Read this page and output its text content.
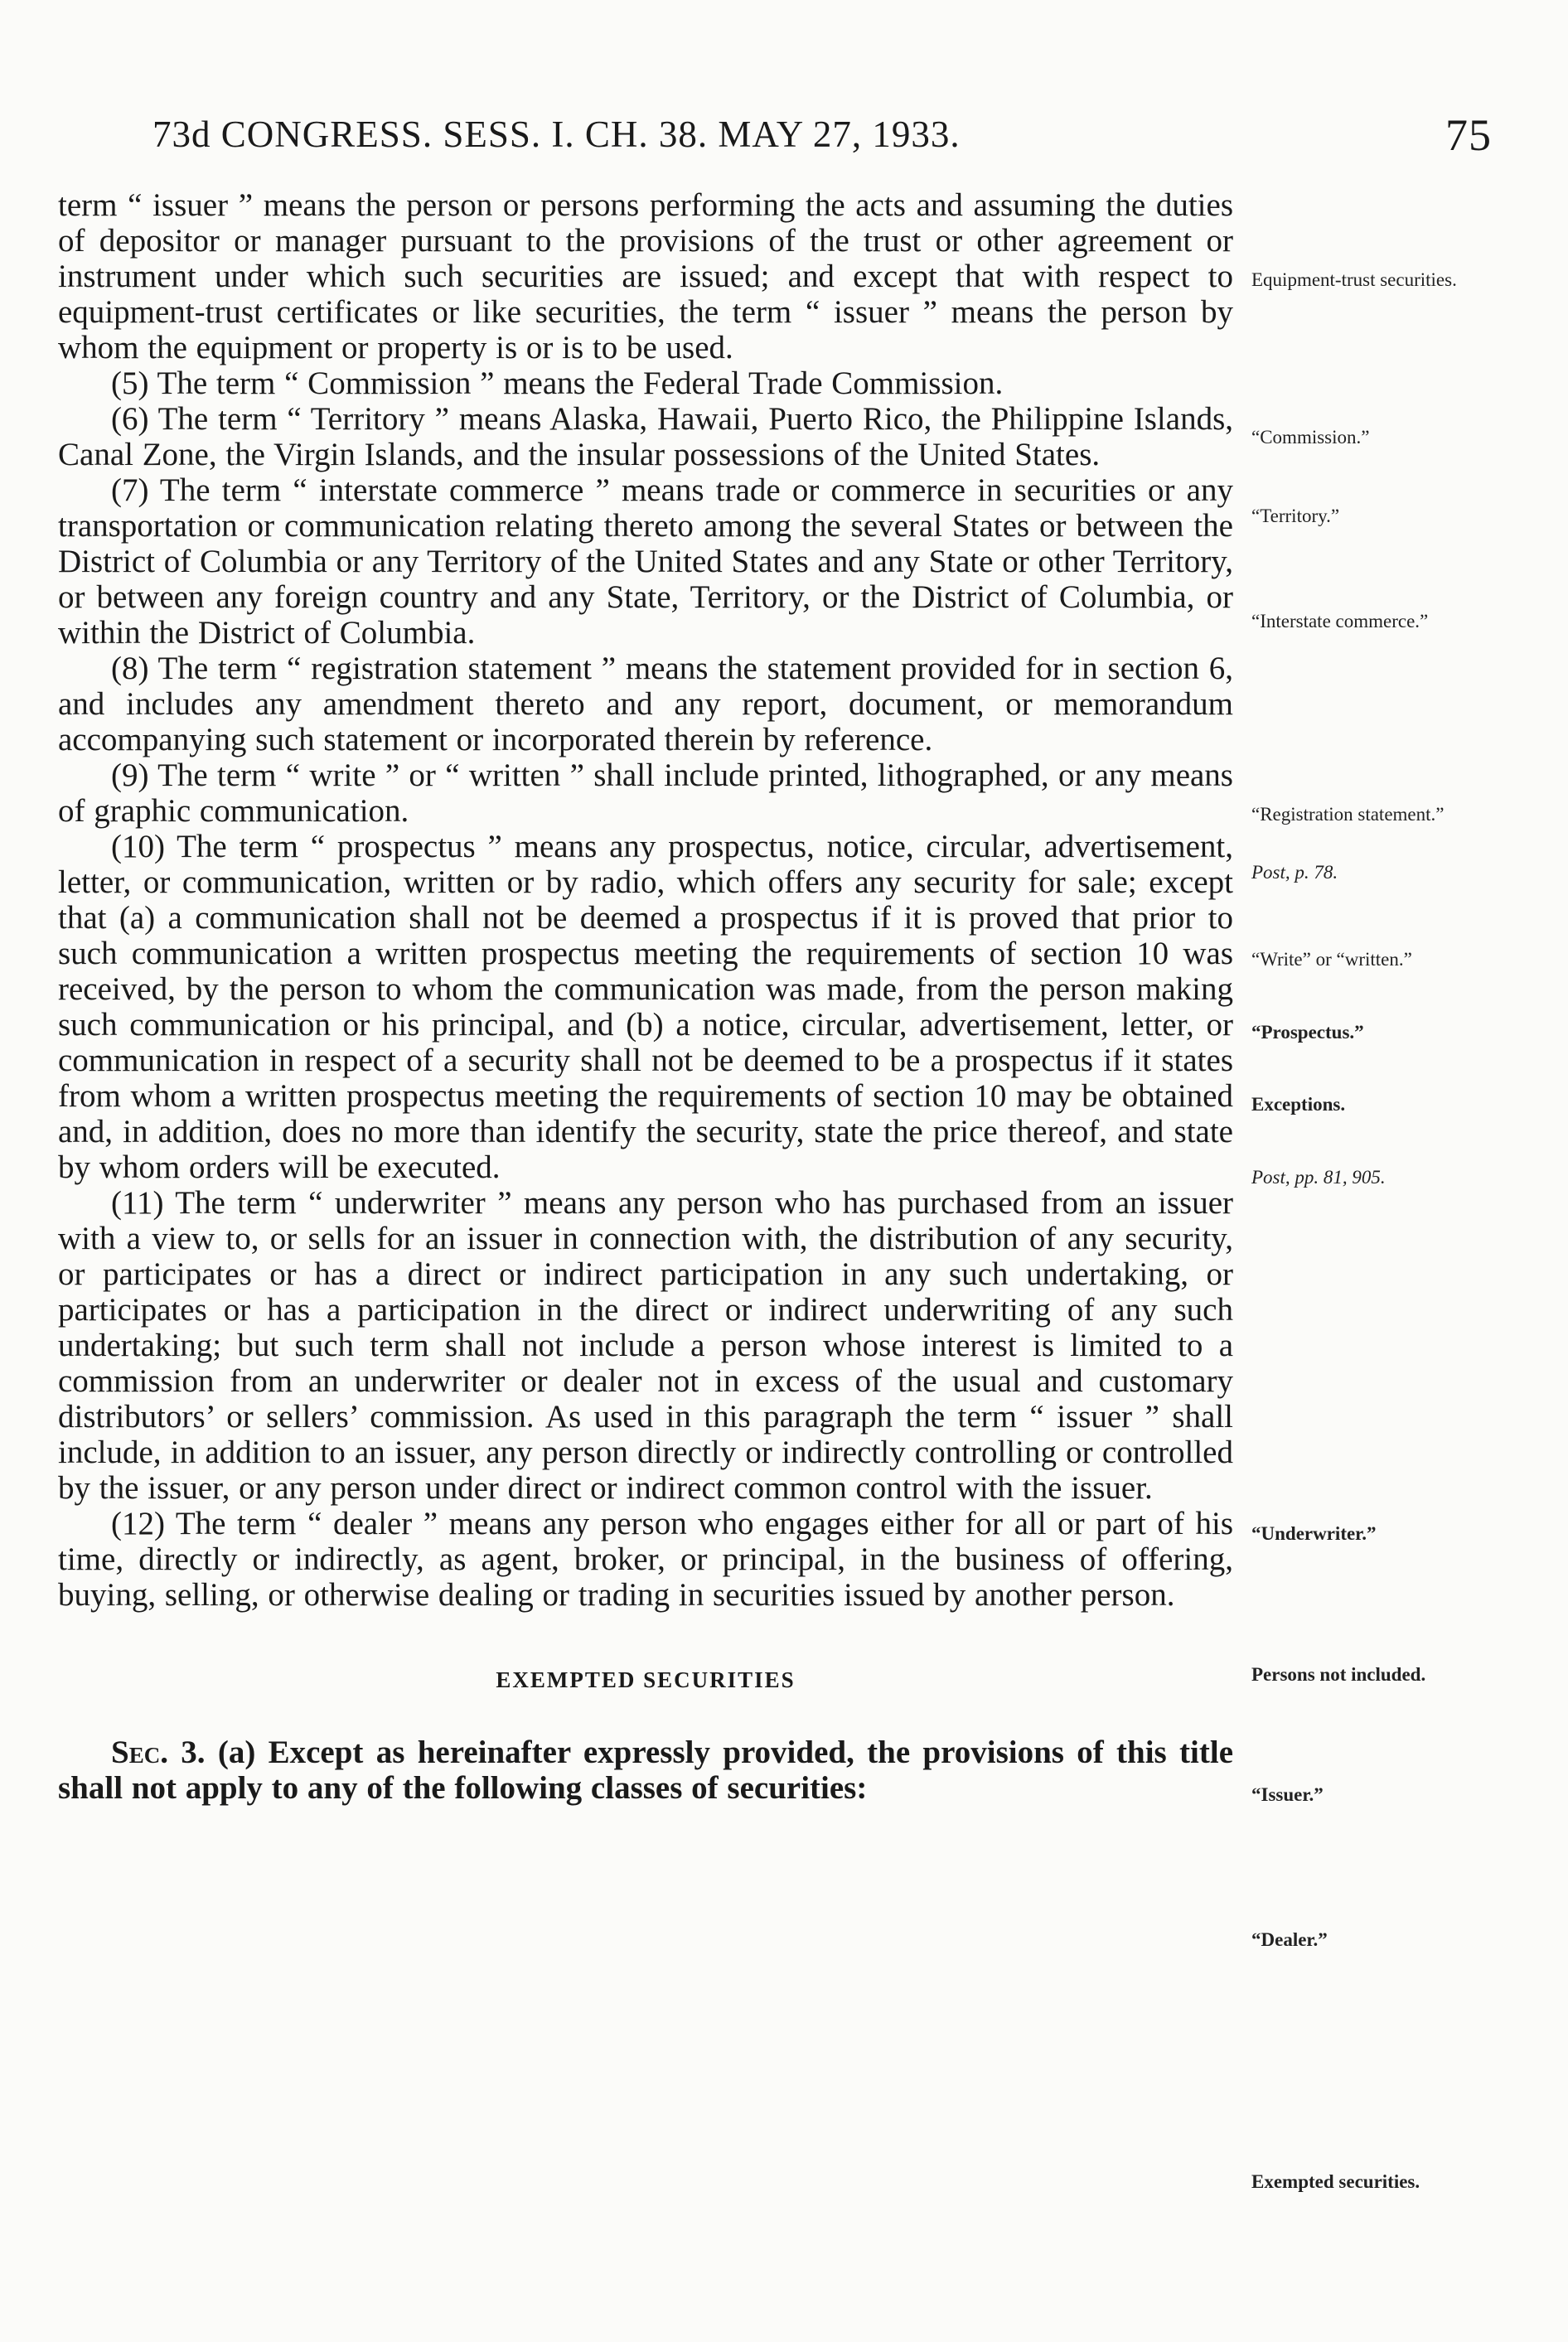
73d CONGRESS. SESS. I. CH. 38. MAY 27, 1933.	75

term “ issuer ” means the person or persons performing the acts and assuming the duties of depositor or manager pursuant to the provisions of the trust or other agreement or instrument under which such securities are issued; and except that with respect to equipment-trust certificates or like securities, the term “ issuer ” means the person by whom the equipment or property is or is to be used.

(5) The term “ Commission ” means the Federal Trade Commission.

(6) The term “ Territory ” means Alaska, Hawaii, Puerto Rico, the Philippine Islands, Canal Zone, the Virgin Islands, and the insular possessions of the United States.

(7) The term “ interstate commerce ” means trade or commerce in securities or any transportation or communication relating thereto among the several States or between the District of Columbia or any Territory of the United States and any State or other Territory, or between any foreign country and any State, Territory, or the District of Columbia, or within the District of Columbia.

(8) The term “ registration statement ” means the statement provided for in section 6, and includes any amendment thereto and any report, document, or memorandum accompanying such statement or incorporated therein by reference.

(9) The term “ write ” or “ written ” shall include printed, lithographed, or any means of graphic communication.

(10) The term “ prospectus ” means any prospectus, notice, circular, advertisement, letter, or communication, written or by radio, which offers any security for sale; except that (a) a communication shall not be deemed a prospectus if it is proved that prior to such communication a written prospectus meeting the requirements of section 10 was received, by the person to whom the communication was made, from the person making such communication or his principal, and (b) a notice, circular, advertisement, letter, or communication in respect of a security shall not be deemed to be a prospectus if it states from whom a written prospectus meeting the requirements of section 10 may be obtained and, in addition, does no more than identify the security, state the price thereof, and state by whom orders will be executed.

(11) The term “ underwriter ” means any person who has purchased from an issuer with a view to, or sells for an issuer in connection with, the distribution of any security, or participates or has a direct or indirect participation in any such undertaking, or participates or has a participation in the direct or indirect underwriting of any such undertaking; but such term shall not include a person whose interest is limited to a commission from an underwriter or dealer not in excess of the usual and customary distributors’ or sellers’ commission. As used in this paragraph the term “ issuer ” shall include, in addition to an issuer, any person directly or indirectly controlling or controlled by the issuer, or any person under direct or indirect common control with the issuer.

(12) The term “ dealer ” means any person who engages either for all or part of his time, directly or indirectly, as agent, broker, or principal, in the business of offering, buying, selling, or otherwise dealing or trading in securities issued by another person.

EXEMPTED SECURITIES

Sec. 3. (a) Except as hereinafter expressly provided, the provisions of this title shall not apply to any of the following classes of securities:

Equipment-trust securities.
“Commission.”
“Territory.”
“Interstate commerce.”
“Registration statement.”
Post, p. 78.
“Write” or “written.”
“Prospectus.”
Exceptions.
Post, pp. 81, 905.
“Underwriter.”
Persons not included.
“Issuer.”
“Dealer.”
Exempted securities.
